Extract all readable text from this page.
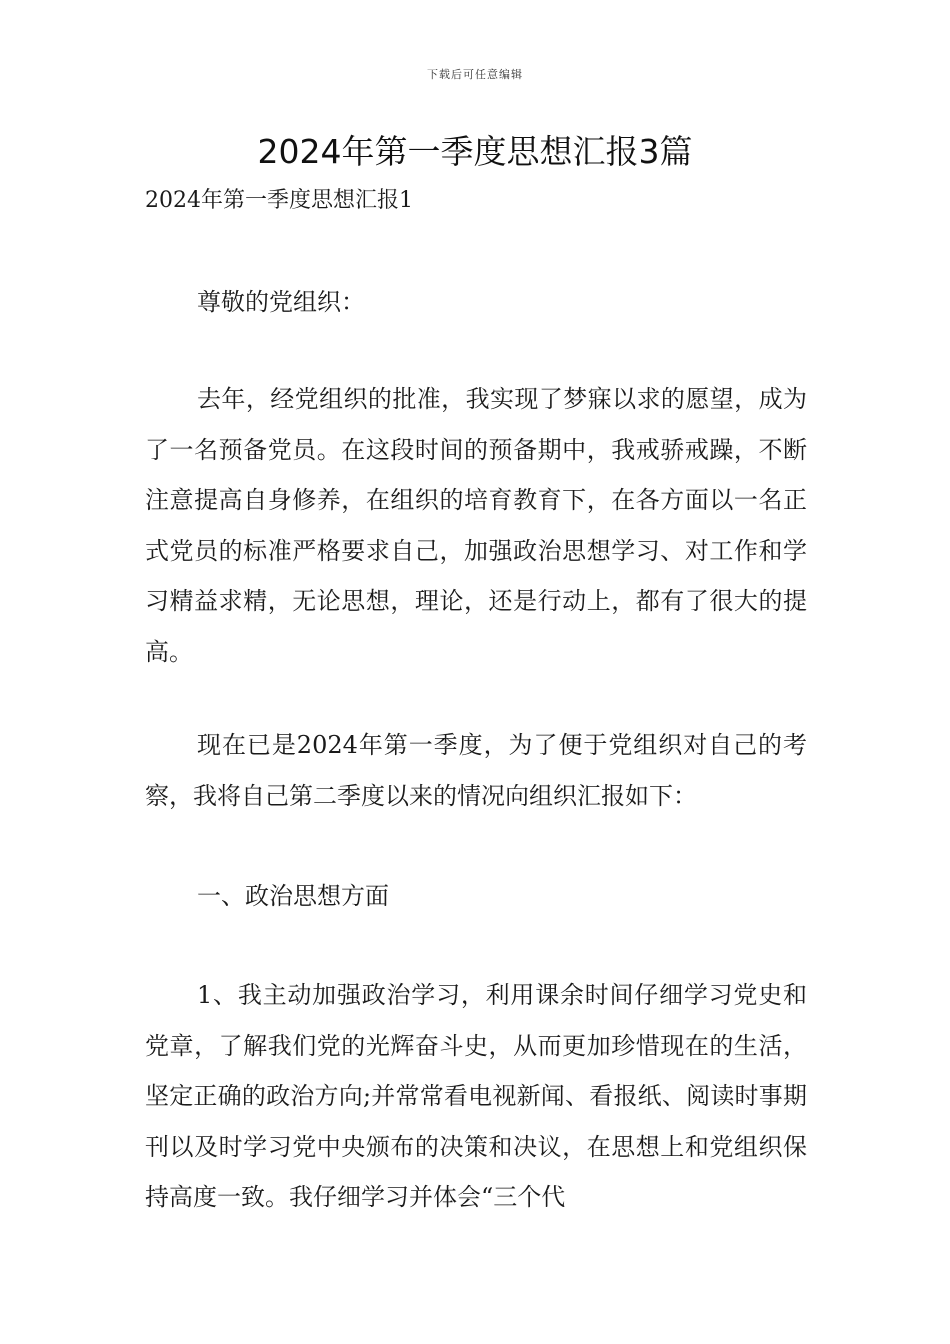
下载后可任意编辑
2024年第一季度思想汇报3篇
2024年第一季度思想汇报1

尊敬的党组织：

去年，经党组织的批准，我实现了梦寐以求的愿望，成为了一名预备党员。在这段时间的预备期中，我戒骄戒躁，不断注意提高自身修养，在组织的培育教育下，在各方面以一名正式党员的标准严格要求自己，加强政治思想学习、对工作和学习精益求精，无论思想，理论，还是行动上，都有了很大的提高。

现在已是2024年第一季度，为了便于党组织对自己的考察，我将自己第二季度以来的情况向组织汇报如下：

一、政治思想方面

1、我主动加强政治学习，利用课余时间仔细学习党史和党章，了解我们党的光辉奋斗史，从而更加珍惜现在的生活，坚定正确的政治方向;并常常看电视新闻、看报纸、阅读时事期刊以及时学习党中央颁布的决策和决议，在思想上和党组织保持高度一致。我仔细学习并体会“三个代
